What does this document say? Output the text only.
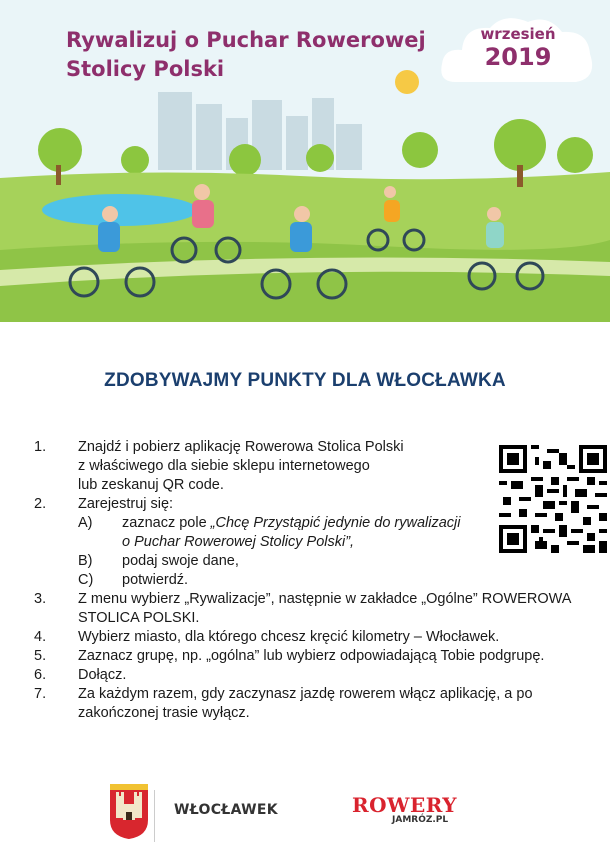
Rywalizuj o Puchar Rowerowej
Stolicy Polski
wrzesień
2019
ZDOBYWAJMY PUNKTY DLA WŁOCŁAWKA
1. Znajdź i pobierz aplikację Rowerowa Stolica Polski
z właściwego dla siebie sklepu internetowego
lub zeskanuj QR code.
2. Zarejestruj się:
A) zaznacz pole „Chcę Przystąpić jedynie do rywalizacji
o Puchar Rowerowej Stolicy Polski”,
B) podaj swoje dane,
C) potwierdź.
3. Z menu wybierz „Rywalizacje”, następnie w zakładce „Ogólne” ROWEROWA
STOLICA POLSKI.
4. Wybierz miasto, dla którego chcesz kręcić kilometry – Włocławek.
5. Zaznacz grupę, np. „ogólna” lub wybierz odpowiadającą Tobie podgrupę.
6. Dołącz.
7. Za każdym razem, gdy zaczynasz jazdę rowerem włącz aplikację, a po
zakończonej trasie wyłącz.
WŁOCŁAWEK	ROWERY
JAMRÓZ.PL
